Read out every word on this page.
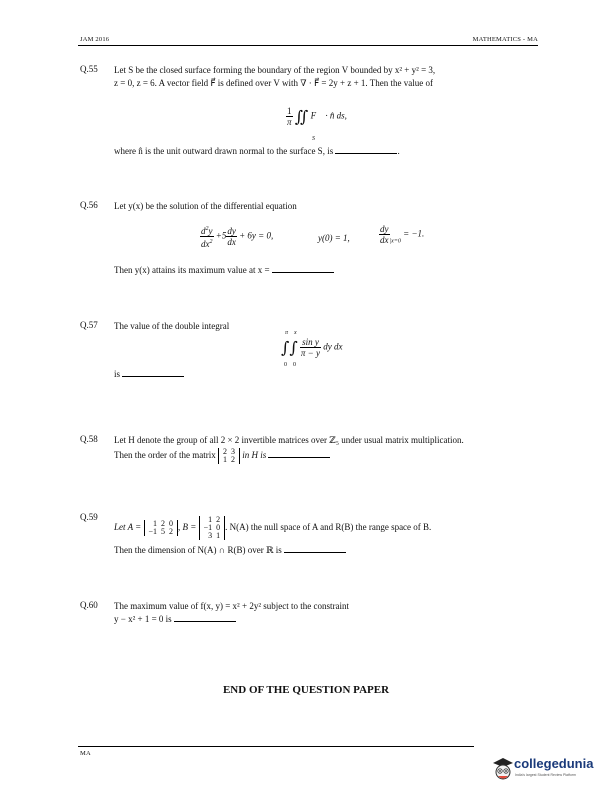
JAM 2016	MATHEMATICS - MA
Q.55 Let S be the closed surface forming the boundary of the region V bounded by x² + y² = 3,
z = 0, z = 6. A vector field F⃗ is defined over V with ∇ · F⃗ = 2y + z + 1. Then the value of
$\frac{1}{\pi}$ ∬ F⃗ · n̂ ds,
S
where n̂ is the unit outward drawn normal to the surface S, is	.
Q.56 Let y(x) be the solution of the differential equation
$\frac{d^2y}{dx^2} +5 \frac{dy}{dx} + 6y = 0$,	y(0) = 1,	$\frac{dy}{dx} _{|x=0} = -1$.
Then y(x) attains its maximum value at x =
Q.57 The value of the double integral
π x
∫∫ $\frac{\text{sin y}}{\pi - y}$ dy dx
0 0
is
Q.58 Let H denote the group of all 2 × 2 invertible matrices over ℤ₅ under usual matrix multiplication.
Then the order of the matrix 2	3
1	2 in H is
Q.59
Let A = 1	2	0
−1	5	2 , B =
1	2
−1	0
3	1
. N(A) the null space of A and R(B) the range space of B.
Then the dimension of N(A) ∩ R(B) over ℝ is
Q.60 The maximum value of f(x, y) = x² + 2y² subject to the constraint
y − x² + 1 = 0 is
END OF THE QUESTION PAPER
MA
collegedunia
India's largest Student Review Platform
